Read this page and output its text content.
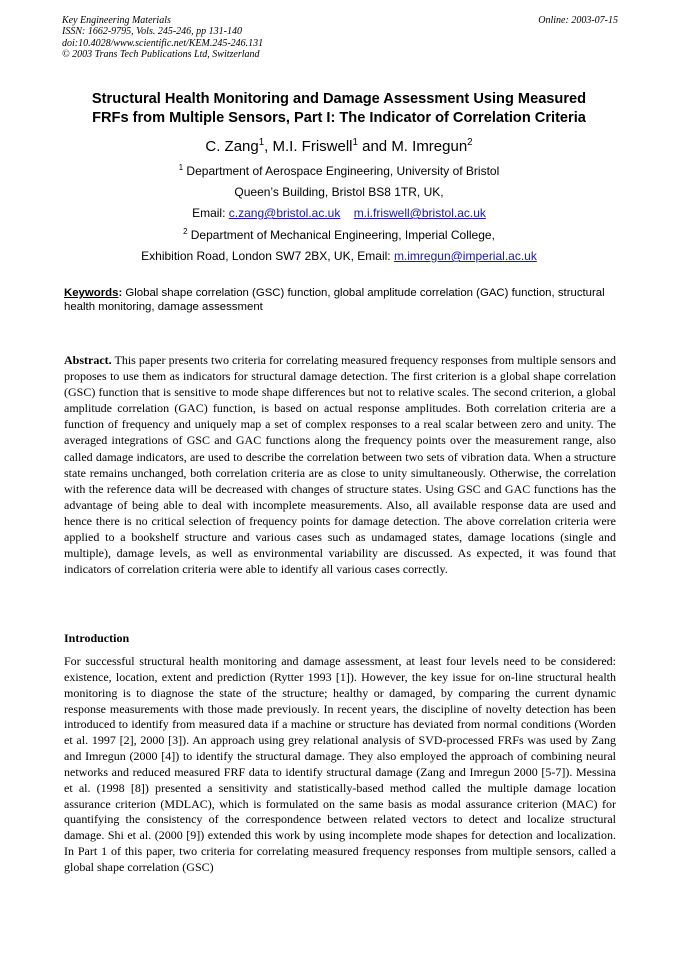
Key Engineering Materials
ISSN: 1662-9795, Vols. 245-246, pp 131-140
doi:10.4028/www.scientific.net/KEM.245-246.131
© 2003 Trans Tech Publications Ltd, Switzerland
Online: 2003-07-15
Structural Health Monitoring and Damage Assessment Using Measured
FRFs from Multiple Sensors, Part I: The Indicator of Correlation Criteria
C. Zang$^1$, M.I. Friswell$^1$ and M. Imregun$^2$
$^1$ Department of Aerospace Engineering, University of Bristol
Queen’s Building, Bristol BS8 1TR, UK,
Email: c.zang@bristol.ac.uk m.i.friswell@bristol.ac.uk
$^2$ Department of Mechanical Engineering, Imperial College,
Exhibition Road, London SW7 2BX, UK, Email: m.imregun@imperial.ac.uk
Keywords: Global shape correlation (GSC) function, global amplitude correlation (GAC) function, structural health monitoring, damage assessment
Abstract. This paper presents two criteria for correlating measured frequency responses from multiple sensors and proposes to use them as indicators for structural damage detection. The first criterion is a global shape correlation (GSC) function that is sensitive to mode shape differences but not to relative scales. The second criterion, a global amplitude correlation (GAC) function, is based on actual response amplitudes. Both correlation criteria are a function of frequency and uniquely map a set of complex responses to a real scalar between zero and unity. The averaged integrations of GSC and GAC functions along the frequency points over the measurement range, also called damage indicators, are used to describe the correlation between two sets of vibration data. When a structure state remains unchanged, both correlation criteria are as close to unity simultaneously. Otherwise, the correlation with the reference data will be decreased with changes of structure states. Using GSC and GAC functions has the advantage of being able to deal with incomplete measurements. Also, all available response data are used and hence there is no critical selection of frequency points for damage detection. The above correlation criteria were applied to a bookshelf structure and various cases such as undamaged states, damage locations (single and multiple), damage levels, as well as environmental variability are discussed. As expected, it was found that indicators of correlation criteria were able to identify all various cases correctly.
Introduction
For successful structural health monitoring and damage assessment, at least four levels need to be considered: existence, location, extent and prediction (Rytter 1993 [1]). However, the key issue for on-line structural health monitoring is to diagnose the state of the structure; healthy or damaged, by comparing the current dynamic response measurements with those made previously. In recent years, the discipline of novelty detection has been introduced to identify from measured data if a machine or structure has deviated from normal conditions (Worden et al. 1997 [2], 2000 [3]). An approach using grey relational analysis of SVD-processed FRFs was used by Zang and Imregun (2000 [4]) to identify the structural damage. They also employed the approach of combining neural networks and reduced measured FRF data to identify structural damage (Zang and Imregun 2000 [5-7]). Messina et al. (1998 [8]) presented a sensitivity and statistically-based method called the multiple damage location assurance criterion (MDLAC), which is formulated on the same basis as modal assurance criterion (MAC) for quantifying the consistency of the correspondence between related vectors to detect and localize structural damage. Shi et al. (2000 [9]) extended this work by using incomplete mode shapes for detection and localization. In Part 1 of this paper, two criteria for correlating measured frequency responses from multiple sensors, called a global shape correlation (GSC)
